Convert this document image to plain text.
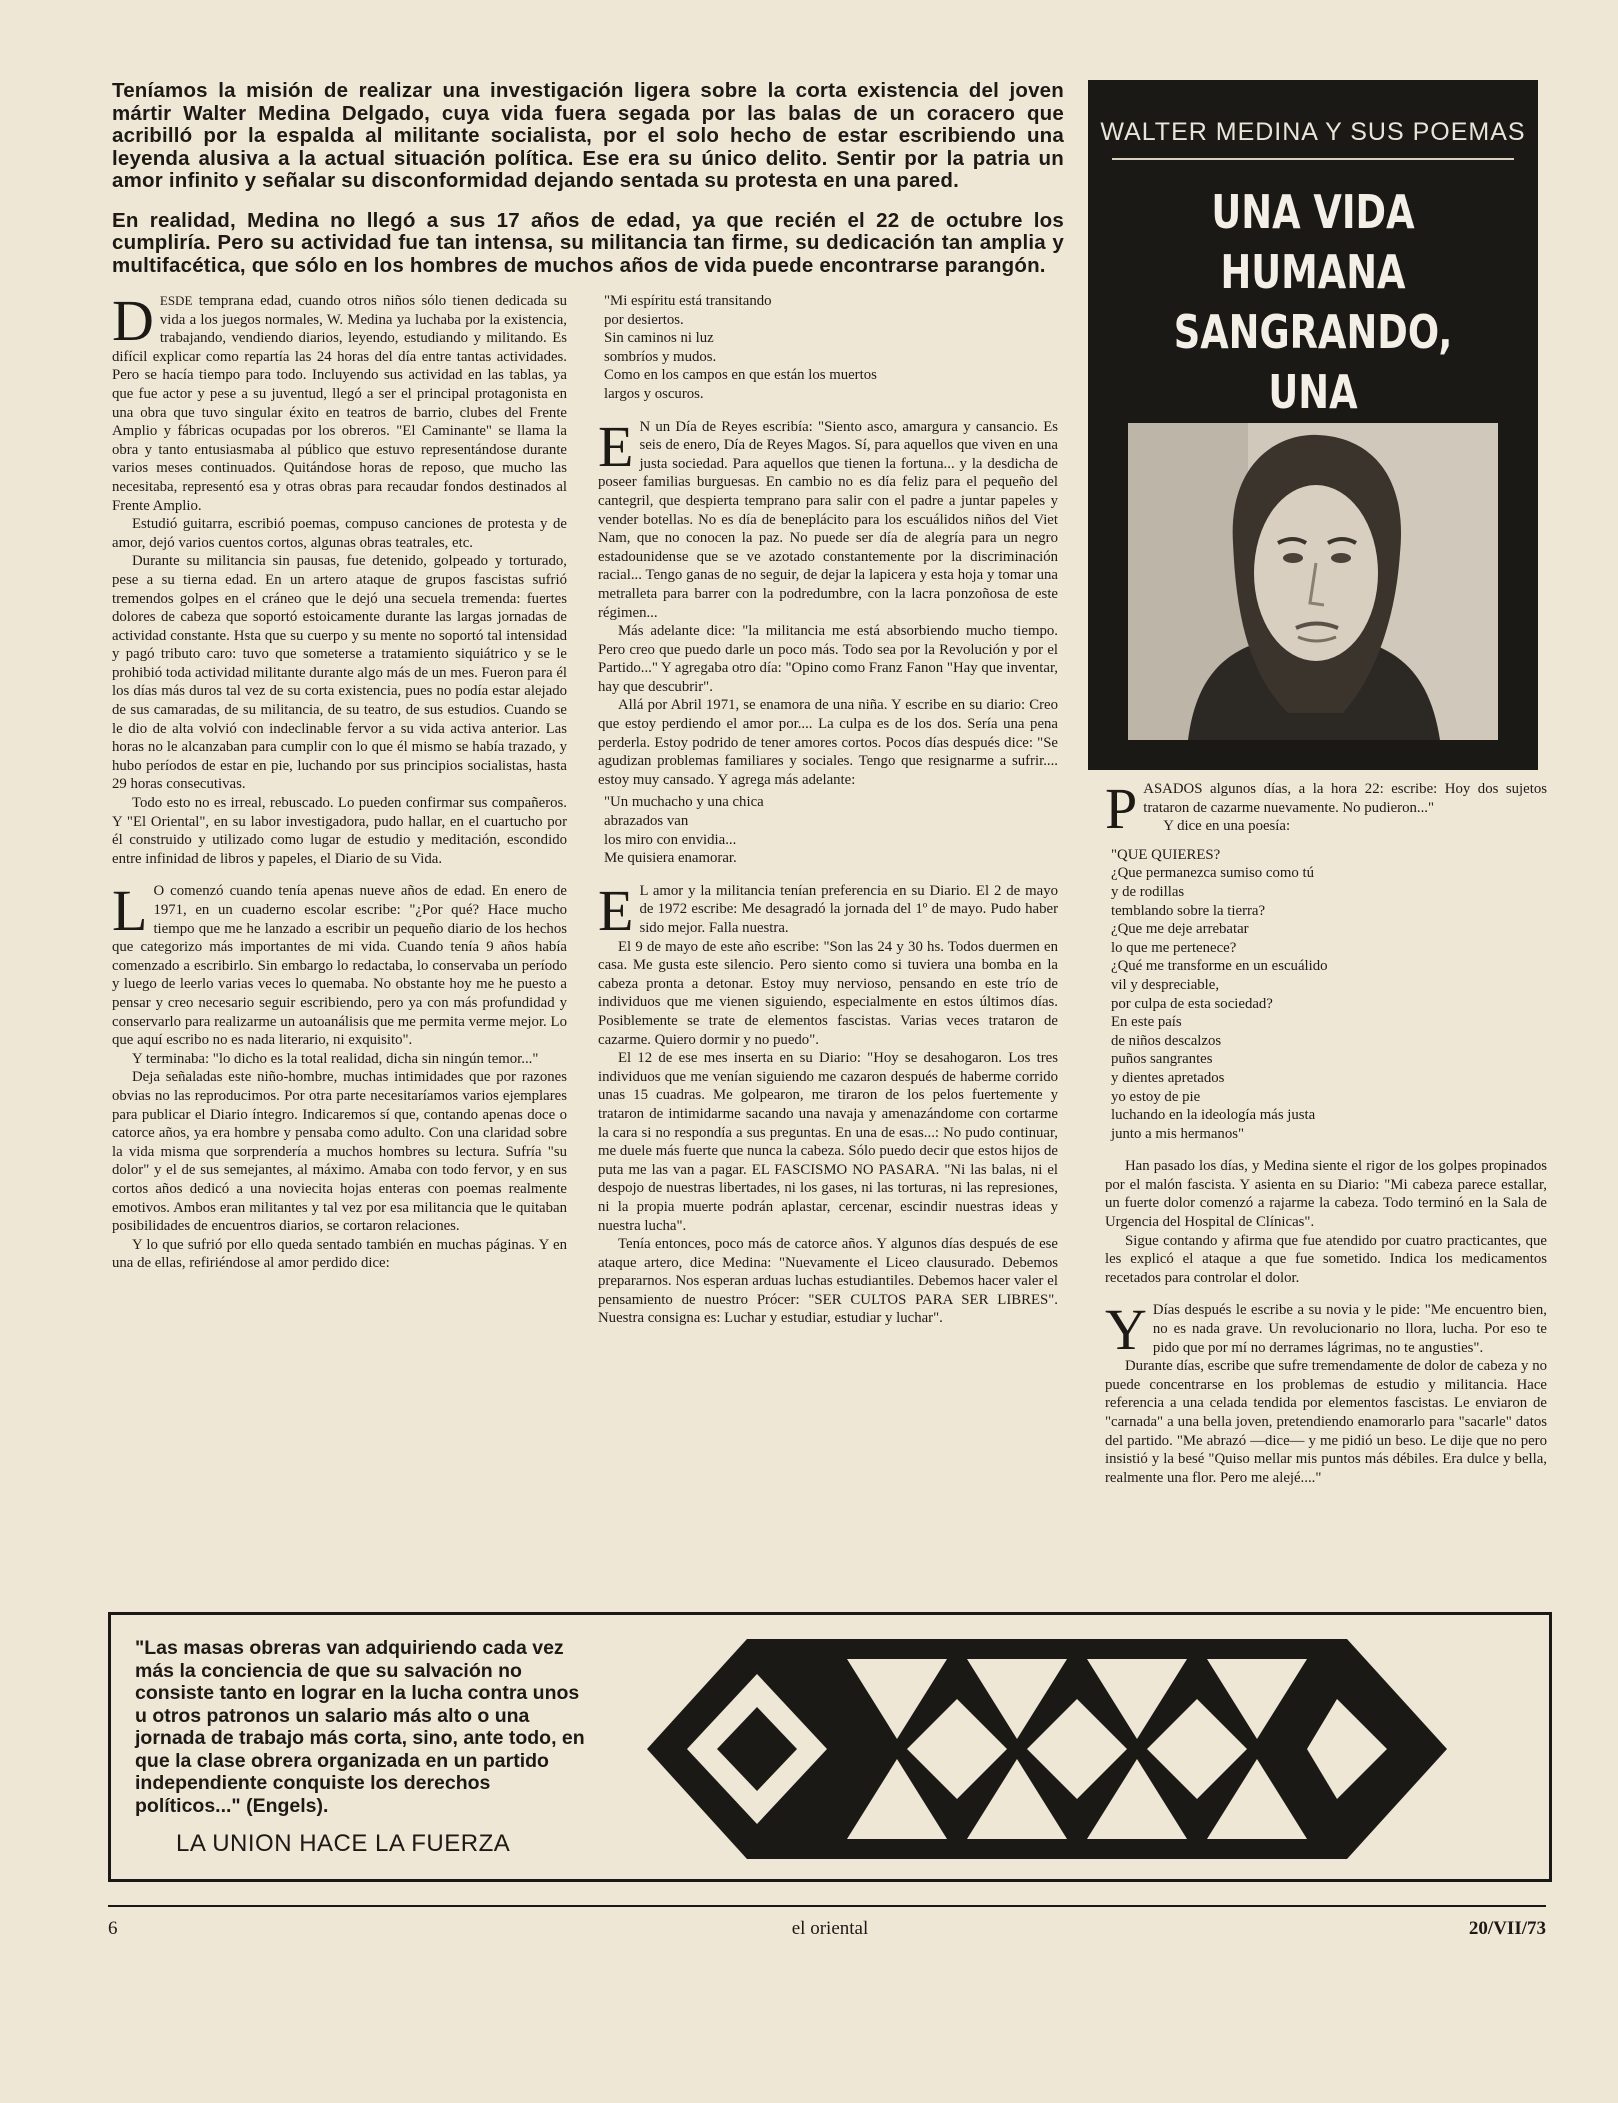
Teníamos la misión de realizar una investigación ligera sobre la corta existencia del joven mártir Walter Medina Delgado, cuya vida fuera segada por las balas de un coracero que acribilló por la espalda al militante socialista, por el solo hecho de estar escribiendo una leyenda alusiva a la actual situación política. Ese era su único delito. Sentir por la patria un amor infinito y señalar su disconformidad dejando sentada su protesta en una pared.

En realidad, Medina no llegó a sus 17 años de edad, ya que recién el 22 de octubre los cumpliría. Pero su actividad fue tan intensa, su militancia tan firme, su dedicación tan amplia y multifacética, que sólo en los hombres de muchos años de vida puede encontrarse parangón.

DESDE temprana edad, cuando otros niños sólo tienen dedicada su vida a los juegos normales, W. Medina ya luchaba por la existencia, trabajando, vendiendo diarios, leyendo, estudiando y militando. Es difícil explicar como repartía las 24 horas del día entre tantas actividades. Pero se hacía tiempo para todo. Incluyendo sus actividad en las tablas, ya que fue actor y pese a su juventud, llegó a ser el principal protagonista en una obra que tuvo singular éxito en teatros de barrio, clubes del Frente Amplio y fábricas ocupadas por los obreros. "El Caminante" se llama la obra y tanto entusiasmaba al público que estuvo representándose durante varios meses continuados. Quitándose horas de reposo, que mucho las necesitaba, representó esa y otras obras para recaudar fondos destinados al Frente Amplio.

Estudió guitarra, escribió poemas, compuso canciones de protesta y de amor, dejó varios cuentos cortos, algunas obras teatrales, etc.

Durante su militancia sin pausas, fue detenido, golpeado y torturado, pese a su tierna edad. En un artero ataque de grupos fascistas sufrió tremendos golpes en el cráneo que le dejó una secuela tremenda: fuertes dolores de cabeza que soportó estoicamente durante las largas jornadas de actividad constante. Hsta que su cuerpo y su mente no soportó tal intensidad y pagó tributo caro: tuvo que someterse a tratamiento siquiátrico y se le prohibió toda actividad militante durante algo más de un mes. Fueron para él los días más duros tal vez de su corta existencia, pues no podía estar alejado de sus camaradas, de su militancia, de su teatro, de sus estudios. Cuando se le dio de alta volvió con indeclinable fervor a su vida activa anterior. Las horas no le alcanzaban para cumplir con lo que él mismo se había trazado, y hubo períodos de estar en pie, luchando por sus principios socialistas, hasta 29 horas consecutivas.

Todo esto no es irreal, rebuscado. Lo pueden confirmar sus compañeros. Y "El Oriental", en su labor investigadora, pudo hallar, en el cuartucho por él construido y utilizado como lugar de estudio y meditación, escondido entre infinidad de libros y papeles, el Diario de su Vida.

L O comenzó cuando tenía apenas nueve años de edad. En enero de 1971, en un cuaderno escolar escribe: "¿Por qué? Hace mucho tiempo que me he lanzado a escribir un pequeño diario de los hechos que categorizo más importantes de mi vida. Cuando tenía 9 años había comenzado a escribirlo. Sin embargo lo redactaba, lo conservaba un período y luego de leerlo varias veces lo quemaba. No obstante hoy me he puesto a pensar y creo necesario seguir escribiendo, pero ya con más profundidad y conservarlo para realizarme un autoanálisis que me permita verme mejor. Lo que aquí escribo no es nada literario, ni exquisito".

Y terminaba: "lo dicho es la total realidad, dicha sin ningún temor..."

Deja señaladas este niño-hombre, muchas intimidades que por razones obvias no las reproducimos. Por otra parte necesitaríamos varios ejemplares para publicar el Diario íntegro. Indicaremos sí que, contando apenas doce o catorce años, ya era hombre y pensaba como adulto. Con una claridad sobre la vida misma que sorprendería a muchos hombres su lectura. Sufría "su dolor" y el de sus semejantes, al máximo. Amaba con todo fervor, y en sus cortos años dedicó a una noviecita hojas enteras con poemas realmente emotivos. Ambos eran militantes y tal vez por esa militancia que le quitaban posibilidades de encuentros diarios, se cortaron relaciones.

Y lo que sufrió por ello queda sentado también en muchas páginas. Y en una de ellas, refiriéndose al amor perdido dice:

"Mi espíritu está transitando
por desiertos.
Sin caminos ni luz
sombríos y mudos.
Como en los campos en que están los muertos
largos y oscuros.

E N un Día de Reyes escribía: "Siento asco, amargura y cansancio. Es seis de enero, Día de Reyes Magos. Sí, para aquellos que viven en una justa sociedad. Para aquellos que tienen la fortuna... y la desdicha de poseer familias burguesas. En cambio no es día feliz para el pequeño del cantegril, que despierta temprano para salir con el padre a juntar papeles y vender botellas. No es día de beneplácito para los escuálidos niños del Viet Nam, que no conocen la paz. No puede ser día de alegría para un negro estadounidense que se ve azotado constantemente por la discriminación racial... Tengo ganas de no seguir, de dejar la lapicera y esta hoja y tomar una metralleta para barrer con la podredumbre, con la lacra ponzoñosa de este régimen...

Más adelante dice: "la militancia me está absorbiendo mucho tiempo. Pero creo que puedo darle un poco más. Todo sea por la Revolución y por el Partido..." Y agregaba otro día: "Opino como Franz Fanon "Hay que inventar, hay que descubrir".

Allá por Abril 1971, se enamora de una niña. Y escribe en su diario: Creo que estoy perdiendo el amor por.... La culpa es de los dos. Sería una pena perderla. Estoy podrido de tener amores cortos. Pocos días después dice: "Se agudizan problemas familiares y sociales. Tengo que resignarme a sufrir.... estoy muy cansado. Y agrega más adelante:

"Un muchacho y una chica
abrazados van
los miro con envidia...
Me quisiera enamorar.

E L amor y la militancia tenían preferencia en su Diario. El 2 de mayo de 1972 escribe: Me desagradó la jornada del 1º de mayo. Pudo haber sido mejor. Falla nuestra.

El 9 de mayo de este año escribe: "Son las 24 y 30 hs. Todos duermen en casa. Me gusta este silencio. Pero siento como si tuviera una bomba en la cabeza pronta a detonar. Estoy muy nervioso, pensando en este trío de individuos que me vienen siguiendo, especialmente en estos últimos días. Posiblemente se trate de elementos fascistas. Varias veces trataron de cazarme. Quiero dormir y no puedo".

El 12 de ese mes inserta en su Diario: "Hoy se desahogaron. Los tres individuos que me venían siguiendo me cazaron después de haberme corrido unas 15 cuadras. Me golpearon, me tiraron de los pelos fuertemente y trataron de intimidarme sacando una navaja y amenazándome con cortarme la cara si no respondía a sus preguntas. En una de esas...: No pudo continuar, me duele más fuerte que nunca la cabeza. Sólo puedo decir que estos hijos de puta me las van a pagar. EL FASCISMO NO PASARA. "Ni las balas, ni el despojo de nuestras libertades, ni los gases, ni las torturas, ni las represiones, ni la propia muerte podrán aplastar, cercenar, escindir nuestras ideas y nuestra lucha".

Tenía entonces, poco más de catorce años. Y algunos días después de ese ataque artero, dice Medina: "Nuevamente el Liceo clausurado. Debemos prepararnos. Nos esperan arduas luchas estudiantiles. Debemos hacer valer el pensamiento de nuestro Prócer: "SER CULTOS PARA SER LIBRES". Nuestra consigna es: Luchar y estudiar, estudiar y luchar".

WALTER MEDINA Y SUS POEMAS
UNA VIDA HUMANA SANGRANDO, UNA

PASADOS algunos días, a la hora 22: escribe: Hoy dos sujetos trataron de cazarme nuevamente. No pudieron..."

Y dice en una poesía:

"QUE QUIERES?
¿Que permanezca sumiso como tú
y de rodillas
temblando sobre la tierra?
¿Que me deje arrebatar
lo que me pertenece?
¿Qué me transforme en un escuálido
vil y despreciable,
por culpa de esta sociedad?
En este país
de niños descalzos
puños sangrantes
y dientes apretados
yo estoy de pie
luchando en la ideología más justa
junto a mis hermanos"

Han pasado los días, y Medina siente el rigor de los golpes propinados por el malón fascista. Y asienta en su Diario: "Mi cabeza parece estallar, un fuerte dolor comenzó a rajarme la cabeza. Todo terminó en la Sala de Urgencia del Hospital de Clínicas".

Sigue contando y afirma que fue atendido por cuatro practicantes, que les explicó el ataque a que fue sometido. Indica los medicamentos recetados para controlar el dolor.

Y Días después le escribe a su novia y le pide: "Me encuentro bien, no es nada grave. Un revolucionario no llora, lucha. Por eso te pido que por mí no derrames lágrimas, no te angusties".

Durante días, escribe que sufre tremendamente de dolor de cabeza y no puede concentrarse en los problemas de estudio y militancia. Hace referencia a una celada tendida por elementos fascistas. Le enviaron de "carnada" a una bella joven, pretendiendo enamorarlo para "sacarle" datos del partido. "Me abrazó —dice— y me pidió un beso. Le dije que no pero insistió y la besé "Quiso mellar mis puntos más débiles. Era dulce y bella, realmente una flor. Pero me alejé...."

"Las masas obreras van adquiriendo cada vez más la conciencia de que su salvación no consiste tanto en lograr en la lucha contra unos u otros patronos un salario más alto o una jornada de trabajo más corta, sino, ante todo, en que la clase obrera organizada en un partido independiente conquiste los derechos políticos..." (Engels).
LA UNION HACE LA FUERZA
6	el oriental	20/VII/73
